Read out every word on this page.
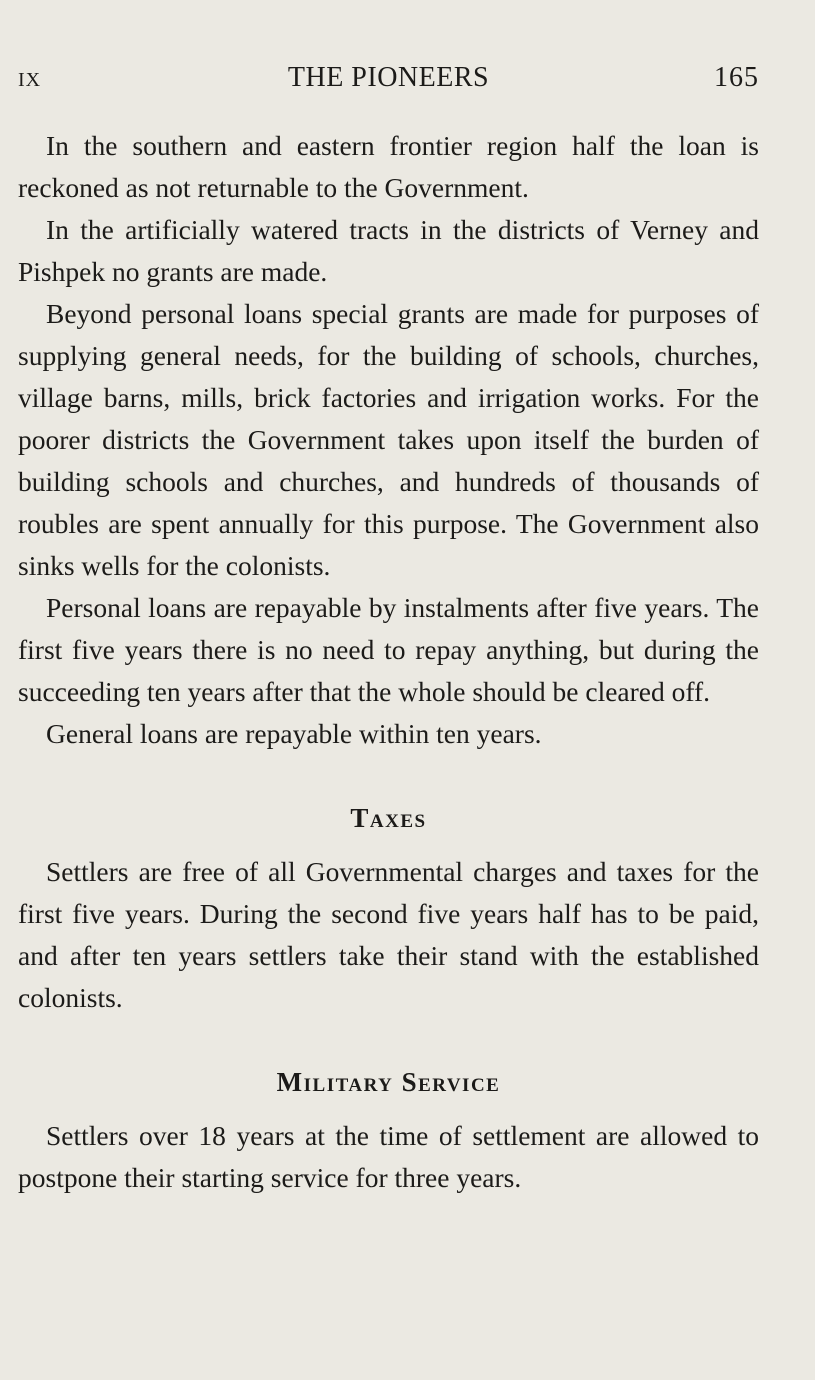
ix	THE PIONEERS	165

In the southern and eastern frontier region half the loan is reckoned as not returnable to the Government.

In the artificially watered tracts in the districts of Verney and Pishpek no grants are made.

Beyond personal loans special grants are made for purposes of supplying general needs, for the building of schools, churches, village barns, mills, brick factories and irrigation works. For the poorer districts the Government takes upon itself the burden of building schools and churches, and hundreds of thousands of roubles are spent annually for this purpose. The Government also sinks wells for the colonists.

Personal loans are repayable by instalments after five years. The first five years there is no need to repay anything, but during the succeeding ten years after that the whole should be cleared off.

General loans are repayable within ten years.

Taxes

Settlers are free of all Governmental charges and taxes for the first five years. During the second five years half has to be paid, and after ten years settlers take their stand with the established colonists.

Military Service

Settlers over 18 years at the time of settlement are allowed to postpone their starting service for three years.
